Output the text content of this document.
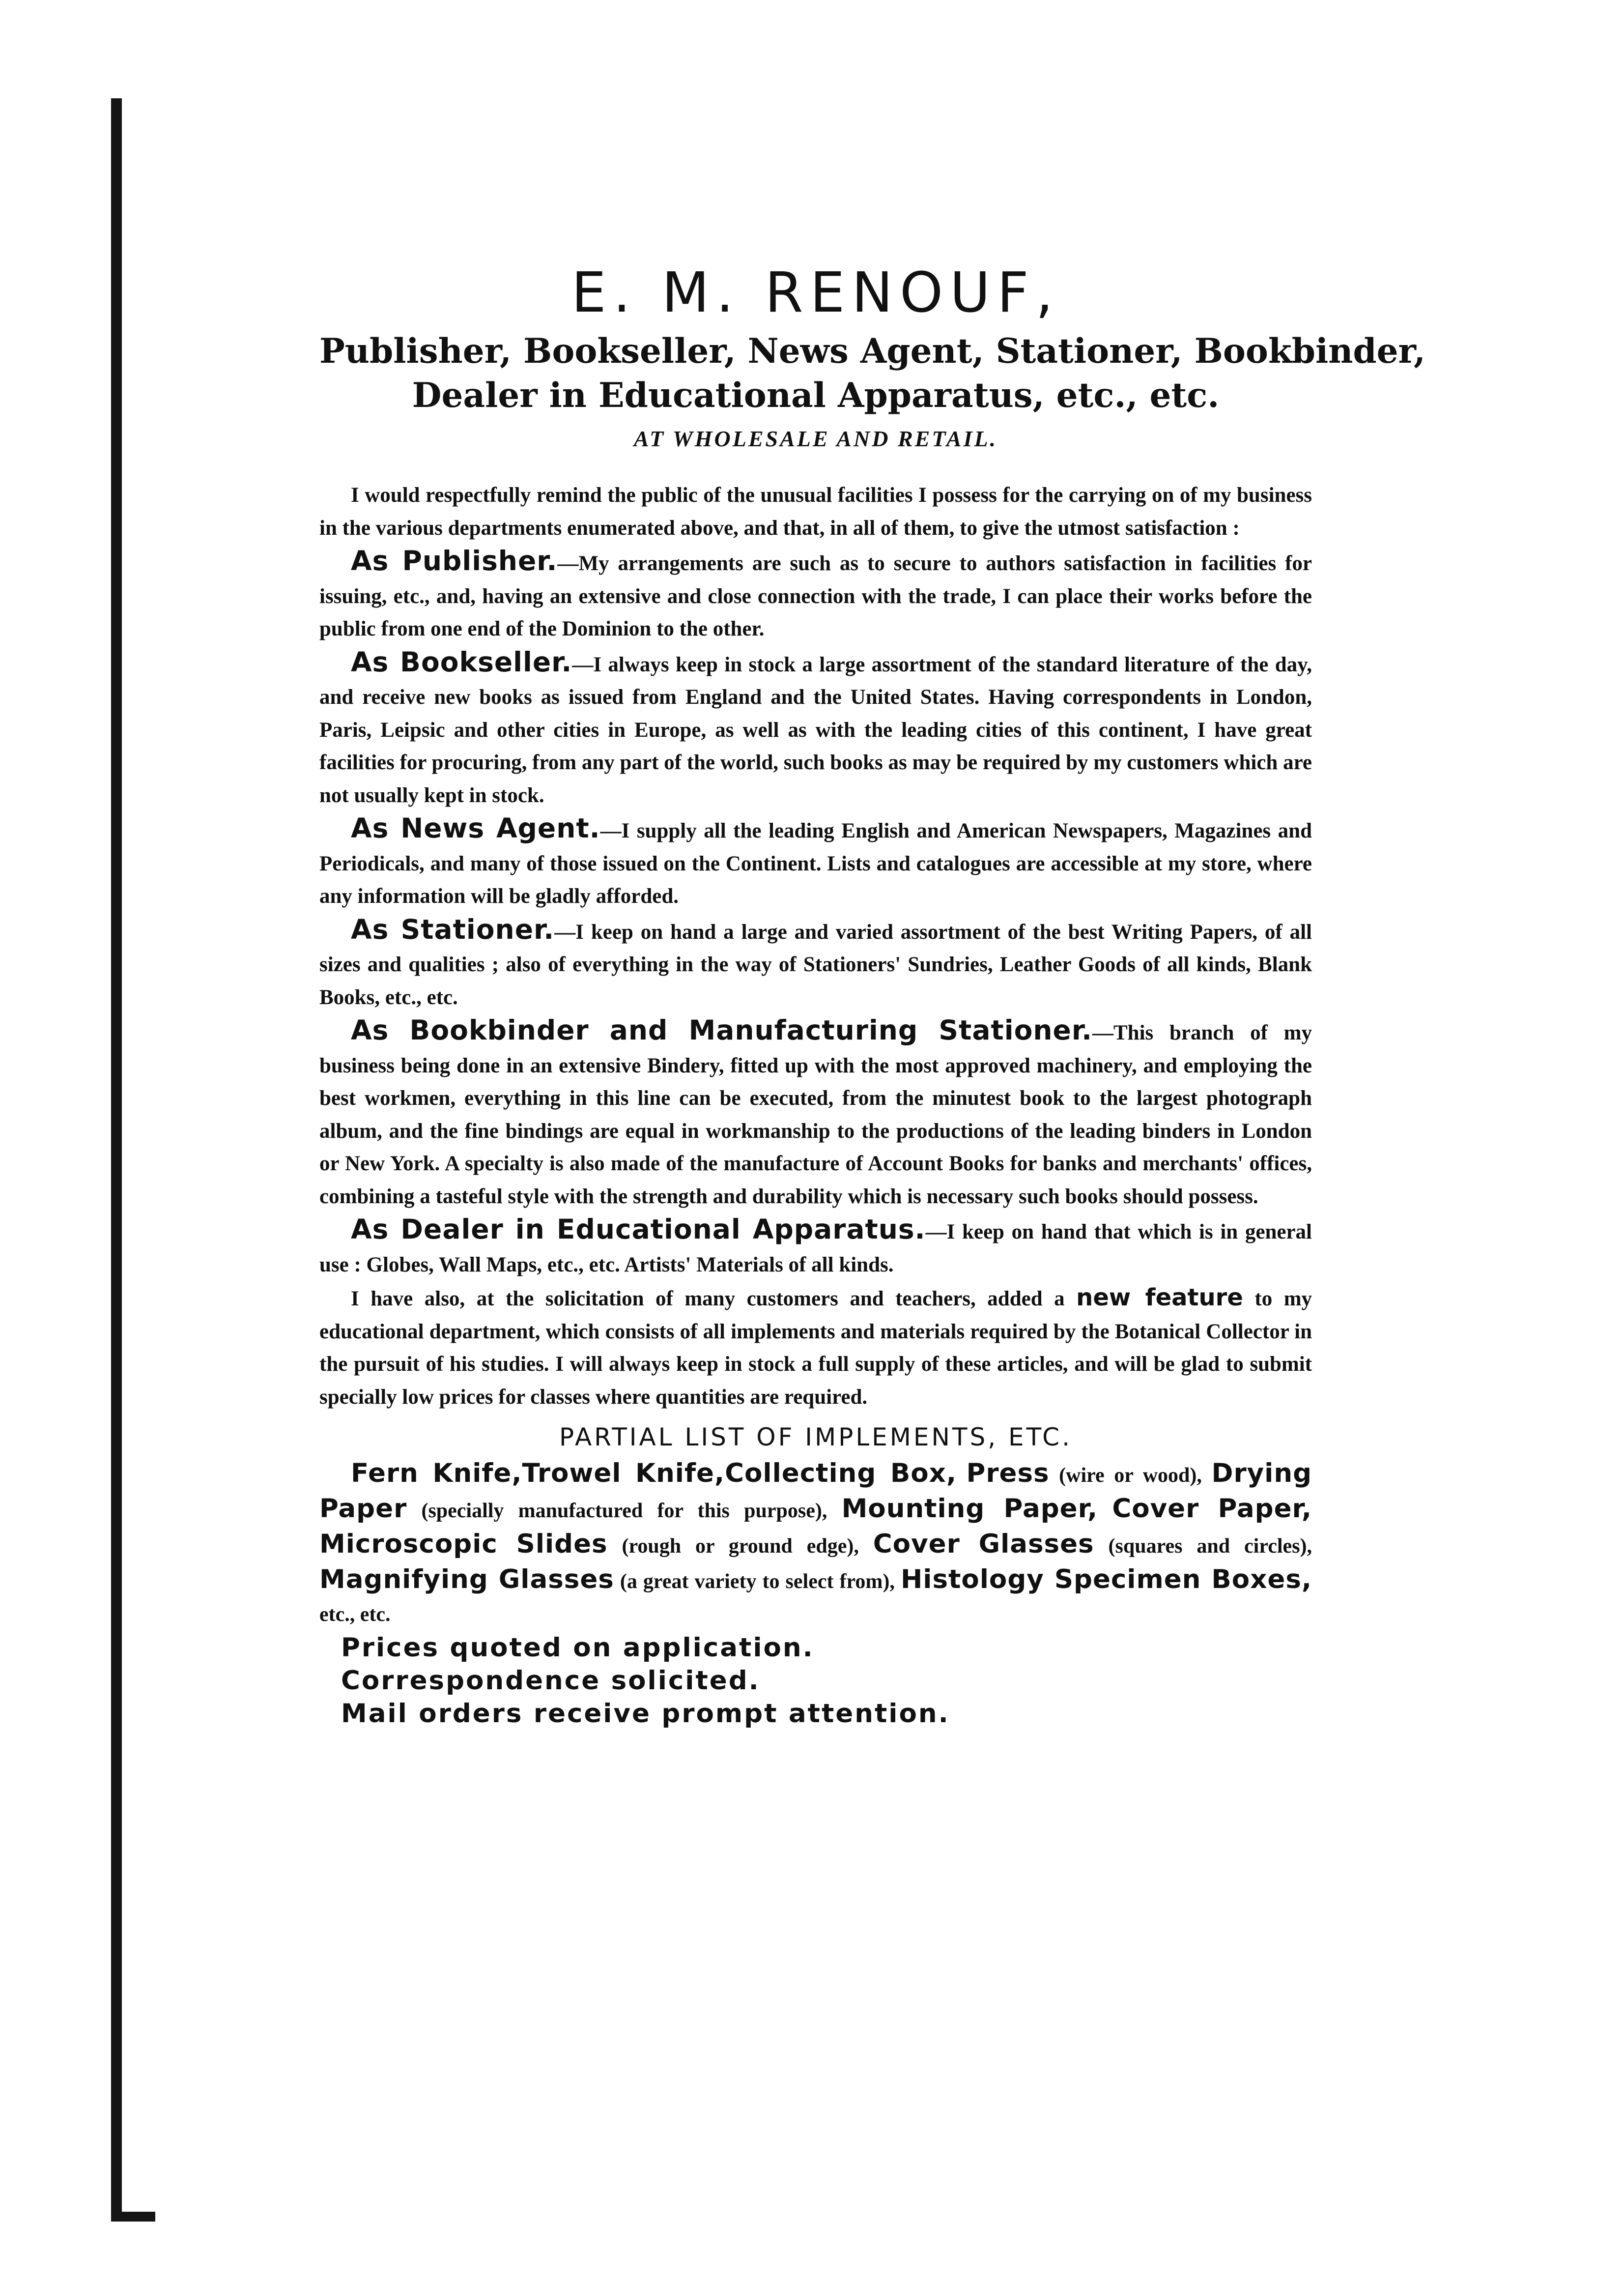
E. M. RENOUF,
Publisher, Bookseller, News Agent, Stationer, Bookbinder,
Dealer in Educational Apparatus, etc., etc.
AT WHOLESALE AND RETAIL.

I would respectfully remind the public of the unusual facilities I possess for the carrying on of my business in the various departments enumerated above, and that, in all of them, to give the utmost satisfaction :

As Publisher.—My arrangements are such as to secure to authors satisfaction in facilities for issuing, etc., and, having an extensive and close connection with the trade, I can place their works before the public from one end of the Dominion to the other.

As Bookseller.—I always keep in stock a large assortment of the standard literature of the day, and receive new books as issued from England and the United States. Having correspondents in London, Paris, Leipsic and other cities in Europe, as well as with the leading cities of this continent, I have great facilities for procuring, from any part of the world, such books as may be required by my customers which are not usually kept in stock.

As News Agent.—I supply all the leading English and American Newspapers, Magazines and Periodicals, and many of those issued on the Continent. Lists and catalogues are accessible at my store, where any information will be gladly afforded.

As Stationer.—I keep on hand a large and varied assortment of the best Writing Papers, of all sizes and qualities ; also of everything in the way of Stationers' Sundries, Leather Goods of all kinds, Blank Books, etc., etc.

As Bookbinder and Manufacturing Stationer.—This branch of my business being done in an extensive Bindery, fitted up with the most approved machinery, and employing the best workmen, everything in this line can be executed, from the minutest book to the largest photograph album, and the fine bindings are equal in workmanship to the productions of the leading binders in London or New York. A specialty is also made of the manufacture of Account Books for banks and merchants' offices, combining a tasteful style with the strength and durability which is necessary such books should possess.

As Dealer in Educational Apparatus.—I keep on hand that which is in general use : Globes, Wall Maps, etc., etc. Artists' Materials of all kinds.

I have also, at the solicitation of many customers and teachers, added a new feature to my educational department, which consists of all implements and materials required by the Botanical Collector in the pursuit of his studies. I will always keep in stock a full supply of these articles, and will be glad to submit specially low prices for classes where quantities are required.

PARTIAL LIST OF IMPLEMENTS, ETC.

Fern Knife,Trowel Knife,Collecting Box, Press (wire or wood), Drying Paper (specially manufactured for this purpose), Mounting Paper, Cover Paper, Microscopic Slides (rough or ground edge), Cover Glasses (squares and circles), Magnifying Glasses (a great variety to select from), Histology Specimen Boxes, etc., etc.

Prices quoted on application.
Correspondence solicited.
Mail orders receive prompt attention.
